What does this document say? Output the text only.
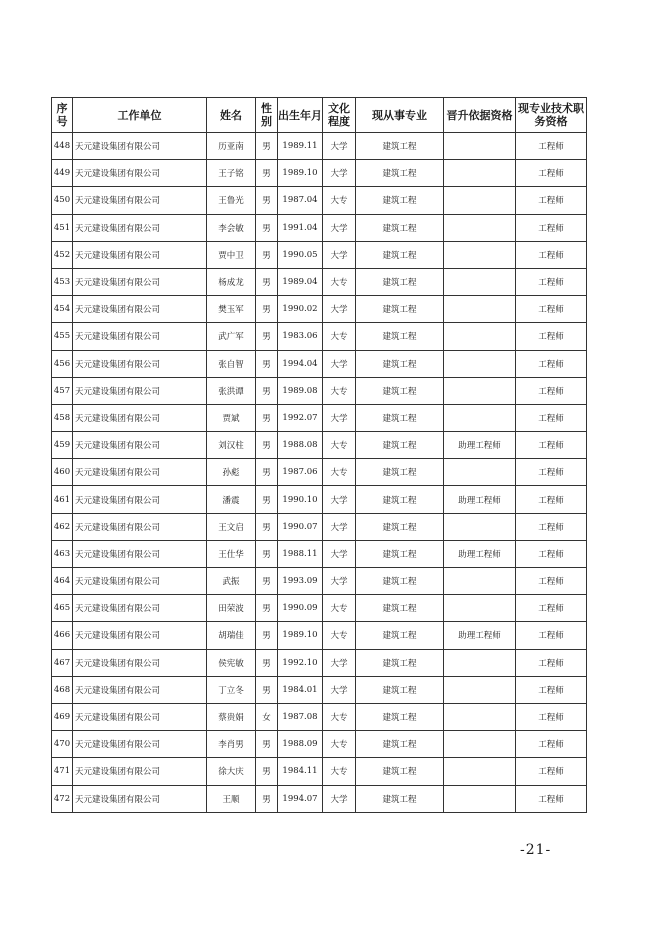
序号	工作单位	姓名	性别	出生年月	文化程度	现从事专业	晋升依据资格	现专业技术职务资格
448	天元建设集团有限公司	历亚南	男	1989.11	大学	建筑工程		工程师
449	天元建设集团有限公司	王子铭	男	1989.10	大学	建筑工程		工程师
450	天元建设集团有限公司	王鲁光	男	1987.04	大专	建筑工程		工程师
451	天元建设集团有限公司	李会敏	男	1991.04	大学	建筑工程		工程师
452	天元建设集团有限公司	贾中卫	男	1990.05	大学	建筑工程		工程师
453	天元建设集团有限公司	杨成龙	男	1989.04	大专	建筑工程		工程师
454	天元建设集团有限公司	樊玉军	男	1990.02	大学	建筑工程		工程师
455	天元建设集团有限公司	武广军	男	1983.06	大专	建筑工程		工程师
456	天元建设集团有限公司	张自智	男	1994.04	大学	建筑工程		工程师
457	天元建设集团有限公司	张洪谭	男	1989.08	大专	建筑工程		工程师
458	天元建设集团有限公司	贾斌	男	1992.07	大学	建筑工程		工程师
459	天元建设集团有限公司	刘汉柱	男	1988.08	大专	建筑工程	助理工程师	工程师
460	天元建设集团有限公司	孙彪	男	1987.06	大专	建筑工程		工程师
461	天元建设集团有限公司	潘震	男	1990.10	大学	建筑工程	助理工程师	工程师
462	天元建设集团有限公司	王文启	男	1990.07	大学	建筑工程		工程师
463	天元建设集团有限公司	王仕华	男	1988.11	大学	建筑工程	助理工程师	工程师
464	天元建设集团有限公司	武振	男	1993.09	大学	建筑工程		工程师
465	天元建设集团有限公司	田荣波	男	1990.09	大专	建筑工程		工程师
466	天元建设集团有限公司	胡瑞佳	男	1989.10	大专	建筑工程	助理工程师	工程师
467	天元建设集团有限公司	侯宪敏	男	1992.10	大学	建筑工程		工程师
468	天元建设集团有限公司	丁立冬	男	1984.01	大学	建筑工程		工程师
469	天元建设集团有限公司	蔡贵娟	女	1987.08	大专	建筑工程		工程师
470	天元建设集团有限公司	李肖男	男	1988.09	大专	建筑工程		工程师
471	天元建设集团有限公司	徐大庆	男	1984.11	大专	建筑工程		工程师
472	天元建设集团有限公司	王顺	男	1994.07	大学	建筑工程		工程师
-21-
